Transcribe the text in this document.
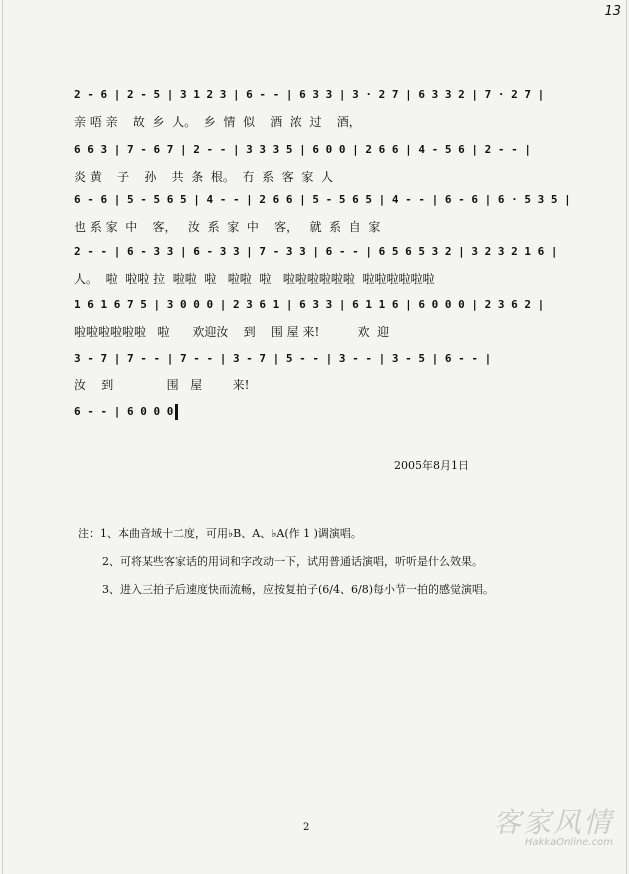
13
2 - 6 | 2 - 5 | 3 1 2 3 | 6 - - | 6 3 3 | 3 · 2 7 | 6 3 3 2 | 7 · 2 7 |
亲 唔 亲    故  乡  人。  乡  情  似    酒  浓  过    酒，
6 6 3 | 7 - 6 7 | 2 - - | 3 3 3 5 | 6 0 0 | 2 6 6 | 4 - 5 6 | 2 - - |
炎 黄    子    孙    共  条  根。  冇  系  客  家  人
6 - 6 | 5 - 5 6 5 | 4 - - | 2 6 6 | 5 - 5 6 5 | 4 - - | 6 - 6 | 6 · 5 3 5 |
也 系 家  中    客，   汝  系  家  中    客，   就  系  自  家
2 - - | 6 - 3 3 | 6 - 3 3 | 7 - 3 3 | 6 - - | 6 5 6 5 3 2 | 3 2 3 2 1 6 |
人。  啦  啦啦 拉  啦啦  啦   啦啦  啦   啦啦啦啦啦啦  啦啦啦啦啦啦
1 6 1 6 7 5 | 3 0 0 0 | 2 3 6 1 | 6 3 3 | 6 1 1 6 | 6 0 0 0 | 2 3 6 2 |
啦啦啦啦啦啦   啦      欢迎汝    到    围 屋 来!          欢  迎
3 - 7 | 7 - - | 7 - - | 3 - 7 | 5 - - | 3 - - | 3 - 5 | 6 - - |
汝    到              围   屋        来!
6 - - | 6 0 0 0
2005年8月1日
注：1、本曲音域十二度，可用♭B、A、♭A(作 1 )调演唱。
2、可将某些客家话的用词和字改动一下，试用普通话演唱，听听是什么效果。
3、进入三拍子后速度快而流畅，应按复拍子(6/4、6/8)每小节一拍的感觉演唱。
2	客家风情
HakkaOnline.com
